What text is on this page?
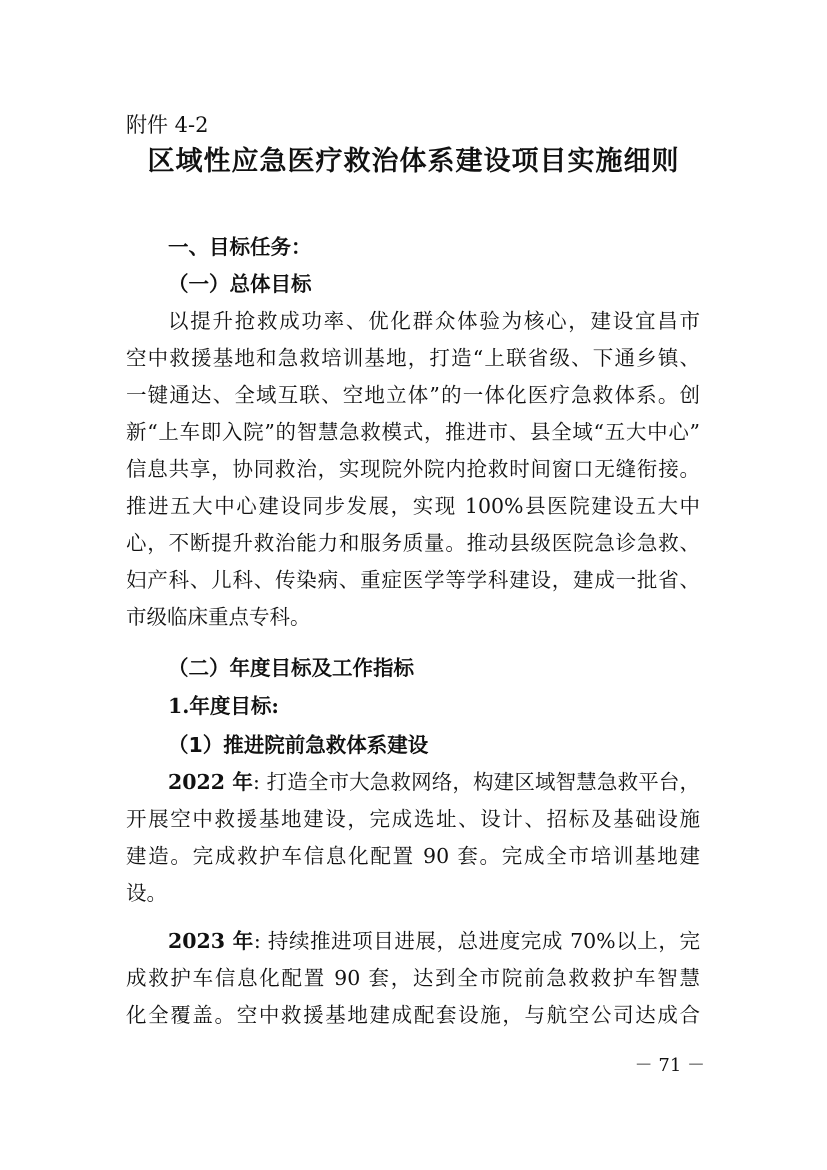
附件 4-2
区域性应急医疗救治体系建设项目实施细则
一、目标任务：
（一）总体目标
以提升抢救成功率、优化群众体验为核心，建设宜昌市
空中救援基地和急救培训基地，打造“上联省级、下通乡镇、
一键通达、全域互联、空地立体”的一体化医疗急救体系。创
新“上车即入院”的智慧急救模式，推进市、县全域“五大中心”
信息共享，协同救治，实现院外院内抢救时间窗口无缝衔接。
推进五大中心建设同步发展，实现 100%县医院建设五大中
心，不断提升救治能力和服务质量。推动县级医院急诊急救、
妇产科、儿科、传染病、重症医学等学科建设，建成一批省、
市级临床重点专科。
（二）年度目标及工作指标
1.年度目标:
（1）推进院前急救体系建设
2022 年: 打造全市大急救网络，构建区域智慧急救平台，
开展空中救援基地建设，完成选址、设计、招标及基础设施
建造。完成救护车信息化配置 90 套。完成全市培训基地建
设。
2023 年: 持续推进项目进展，总进度完成 70%以上，完
成救护车信息化配置 90 套，达到全市院前急救救护车智慧
化全覆盖。空中救援基地建成配套设施，与航空公司达成合
－ 71 －
